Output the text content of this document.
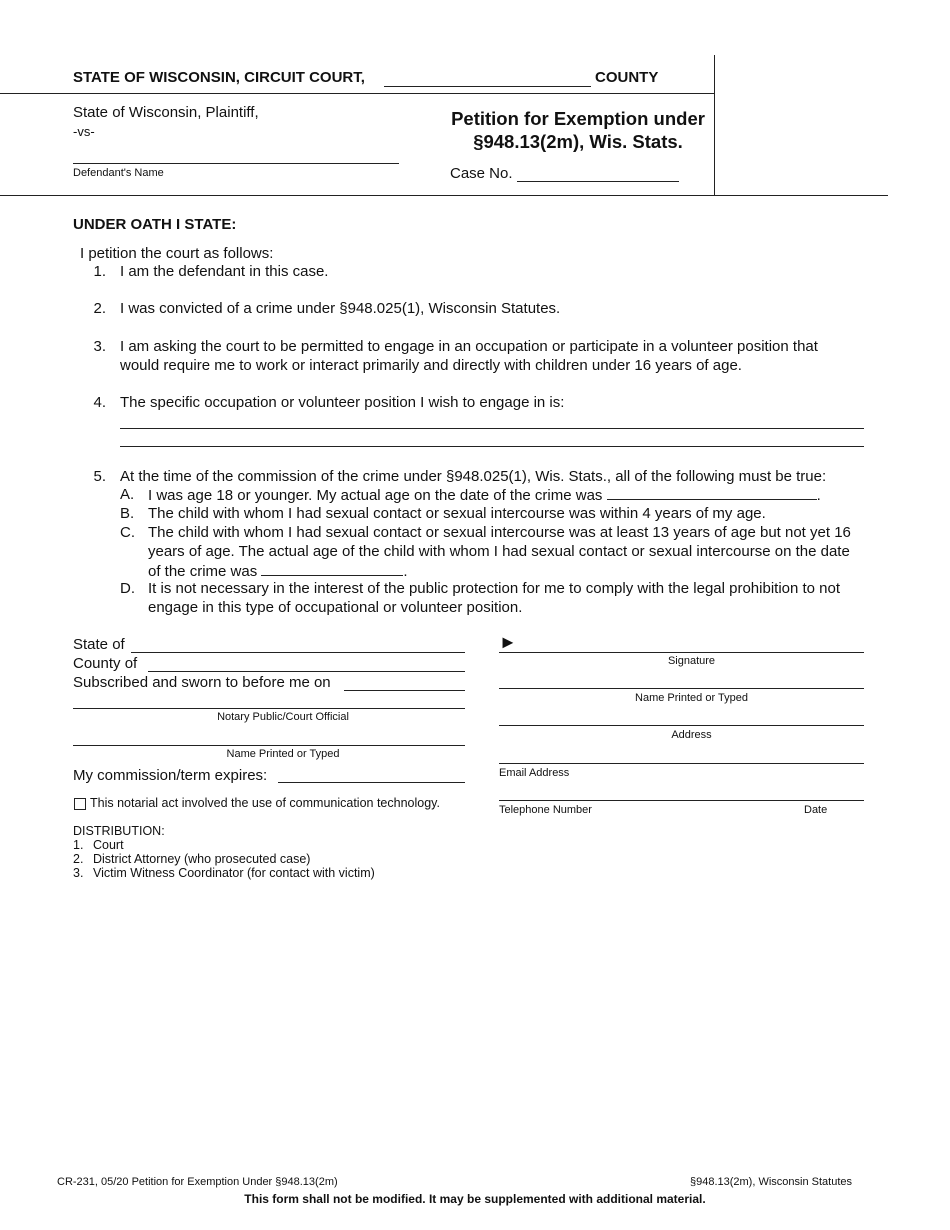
STATE OF WISCONSIN, CIRCUIT COURT,	COUNTY
State of Wisconsin, Plaintiff,
-vs-
Defendant's Name
Petition for Exemption under
§948.13(2m), Wis. Stats.
Case No.
UNDER OATH I STATE:
I petition the court as follows:
1. I am the defendant in this case.
2. I was convicted of a crime under §948.025(1), Wisconsin Statutes.
3. I am asking the court to be permitted to engage in an occupation or participate in a volunteer position that
would require me to work or interact primarily and directly with children under 16 years of age.
4. The specific occupation or volunteer position I wish to engage in is:
5. At the time of the commission of the crime under §948.025(1), Wis. Stats., all of the following must be true:
A. I was age 18 or younger. My actual age on the date of the crime was	.
B. The child with whom I had sexual contact or sexual intercourse was within 4 years of my age.
C. The child with whom I had sexual contact or sexual intercourse was at least 13 years of age but not yet 16
years of age. The actual age of the child with whom I had sexual contact or sexual intercourse on the date
of the crime was	.
D. It is not necessary in the interest of the public protection for me to comply with the legal prohibition to not
engage in this type of occupational or volunteer position.
State of
County of
Subscribed and sworn to before me on
Notary Public/Court Official
Name Printed or Typed
My commission/term expires:
This notarial act involved the use of communication technology.
►
Signature
Name Printed or Typed
Address
Email Address
Telephone Number	Date
DISTRIBUTION:
1. Court
2. District Attorney (who prosecuted case)
3. Victim Witness Coordinator (for contact with victim)
CR-231, 05/20 Petition for Exemption Under §948.13(2m)	§948.13(2m), Wisconsin Statutes
This form shall not be modified. It may be supplemented with additional material.
